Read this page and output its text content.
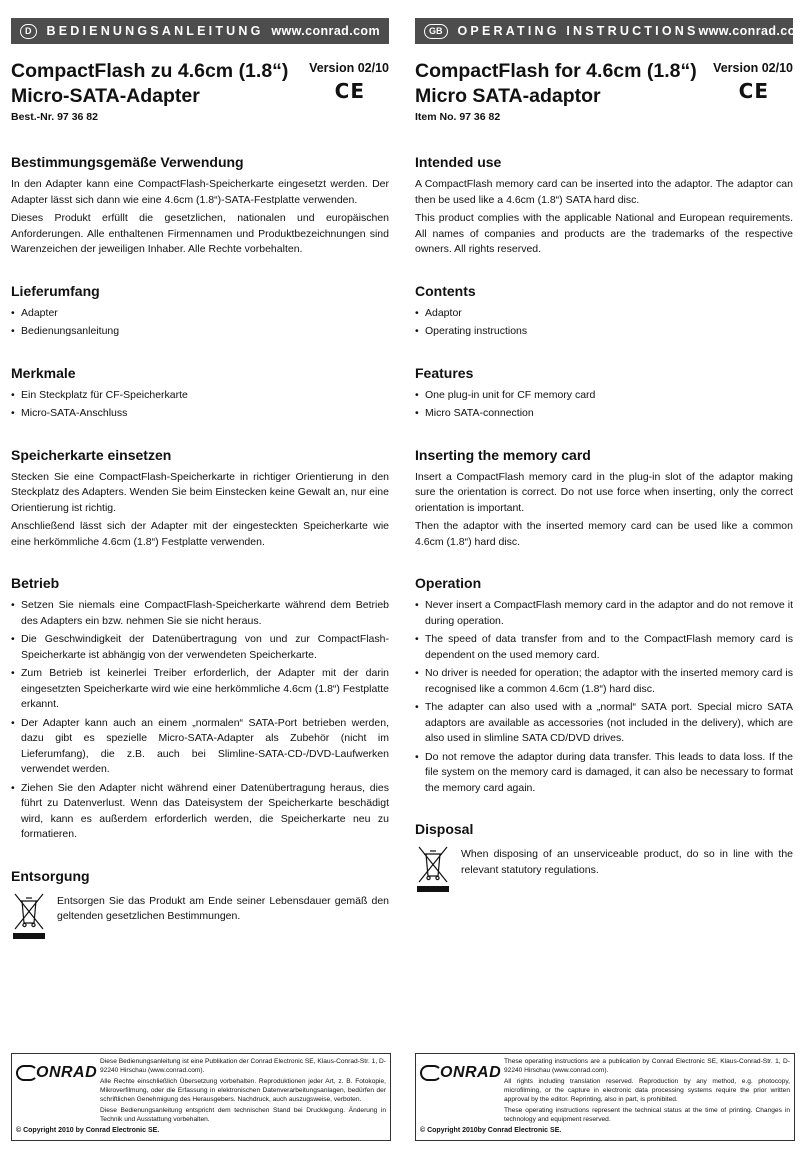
D	BEDIENUNGSANLEITUNG www.conrad.com
CompactFlash zu 4.6cm (1.8“)
Micro-SATA-Adapter
Version 02/10
CE
Best.-Nr. 97 36 82
Bestimmungsgemäße Verwendung

In den Adapter kann eine CompactFlash-Speicherkarte eingesetzt werden. Der Adapter lässt sich dann wie eine 4.6cm (1.8“)-SATA-Festplatte verwenden.

Dieses Produkt erfüllt die gesetzlichen, nationalen und europäischen Anforderungen. Alle enthaltenen Firmennamen und Produktbezeichnungen sind Warenzeichen der jeweiligen Inhaber. Alle Rechte vorbehalten.

Lieferumfang
• Adapter
• Bedienungsanleitung
Merkmale
• Ein Steckplatz für CF-Speicherkarte
• Micro-SATA-Anschluss
Speicherkarte einsetzen

Stecken Sie eine CompactFlash-Speicherkarte in richtiger Orientierung in den Steckplatz des Adapters. Wenden Sie beim Einstecken keine Gewalt an, nur eine Orientierung ist richtig.

Anschließend lässt sich der Adapter mit der eingesteckten Speicherkarte wie eine herkömmliche 4.6cm (1.8“) Festplatte verwenden.

Betrieb
• Setzen Sie niemals eine CompactFlash-Speicherkarte während dem Betrieb des Adapters ein bzw. nehmen Sie sie nicht heraus.
• Die Geschwindigkeit der Datenübertragung von und zur CompactFlash-Speicherkarte ist abhängig von der verwendeten Speicherkarte.
• Zum Betrieb ist keinerlei Treiber erforderlich, der Adapter mit der darin eingesetzten Speicherkarte wird wie eine herkömmliche 4.6cm (1.8“) Festplatte erkannt.
• Der Adapter kann auch an einem „normalen“ SATA-Port betrieben werden, dazu gibt es spezielle Micro-SATA-Adapter als Zubehör (nicht im Lieferumfang), die z.B. auch bei Slimline-SATA-CD-/DVD-Laufwerken verwendet werden.
• Ziehen Sie den Adapter nicht während einer Datenübertragung heraus, dies führt zu Datenverlust. Wenn das Dateisystem der Speicherkarte beschädigt wird, kann es außerdem erforderlich werden, die Speicherkarte neu zu formatieren.
Entsorgung

Entsorgen Sie das Produkt am Ende seiner Lebensdauer gemäß den geltenden gesetzlichen Bestimmungen.

GB	OPERATING INSTRUCTIONS www.conrad.com
CompactFlash for 4.6cm (1.8“)
Micro SATA-adaptor
Version 02/10
CE
Item No. 97 36 82
Intended use

A CompactFlash memory card can be inserted into the adaptor. The adaptor can then be used like a 4.6cm (1.8“) SATA hard disc.

This product complies with the applicable National and European requirements. All names of companies and products are the trademarks of the respective owners. All rights reserved.

Contents
• Adaptor
• Operating instructions
Features
• One plug-in unit for CF memory card
• Micro SATA-connection
Inserting the memory card

Insert a CompactFlash memory card in the plug-in slot of the adaptor making sure the orientation is correct. Do not use force when inserting, only the correct orientation is important.

Then the adaptor with the inserted memory card can be used like a common 4.6cm (1.8“) hard disc.

Operation
• Never insert a CompactFlash memory card in the adaptor and do not remove it during operation.
• The speed of data transfer from and to the CompactFlash memory card is dependent on the used memory card.
• No driver is needed for operation; the adaptor with the inserted memory card is recognised like a common 4.6cm (1.8“) hard disc.
• The adapter can also used with a „normal“ SATA port. Special micro SATA adaptors are available as accessories (not included in the delivery), which are also used in slimline SATA CD/DVD drives.
• Do not remove the adaptor during data transfer. This leads to data loss. If the file system on the memory card is damaged, it can also be necessary to format the memory card again.
Disposal

When disposing of an unserviceable product, do so in line with the relevant statutory regulations.

ONRAD

Diese Bedienungsanleitung ist eine Publikation der Conrad Electronic SE, Klaus-Conrad-Str. 1, D-92240 Hirschau (www.conrad.com).

Alle Rechte einschließlich Übersetzung vorbehalten. Reproduktionen jeder Art, z. B. Fotokopie, Mikroverfilmung, oder die Erfassung in elektronischen Datenverarbeitungsanlagen, bedürfen der schriftlichen Genehmigung des Herausgebers. Nachdruck, auch auszugsweise, verboten.

Diese Bedienungsanleitung entspricht dem technischen Stand bei Drucklegung. Änderung in Technik und Ausstattung vorbehalten.

© Copyright 2010 by Conrad Electronic SE.
ONRAD

These operating instructions are a publication by Conrad Electronic SE, Klaus-Conrad-Str. 1, D-92240 Hirschau (www.conrad.com).

All rights including translation reserved. Reproduction by any method, e.g. photocopy, microfilming, or the capture in electronic data processing systems require the prior written approval by the editor. Reprinting, also in part, is prohibited.

These operating instructions represent the technical status at the time of printing. Changes in technology and equipment reserved.

© Copyright 2010by Conrad Electronic SE.
